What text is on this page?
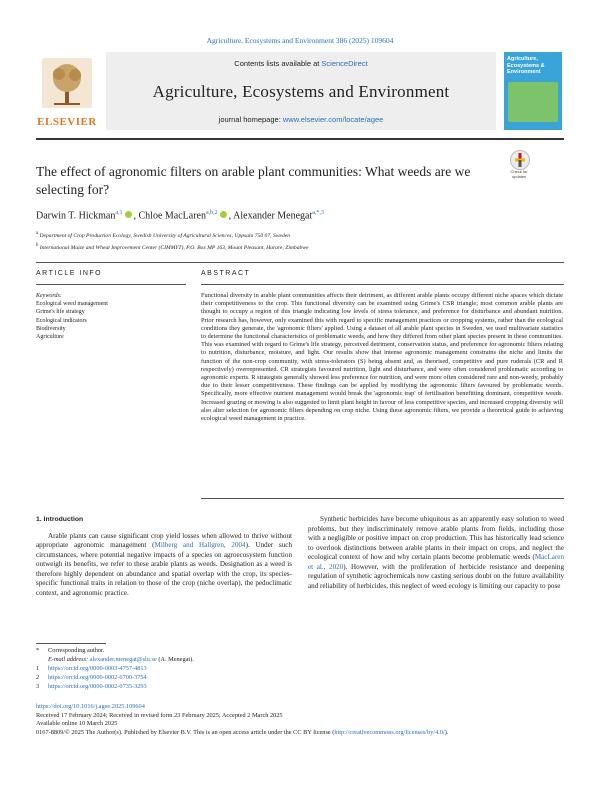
Agriculture, Ecosystems and Environment 386 (2025) 109604
ELSEVIER
Contents lists available at ScienceDirect
Agriculture, Ecosystems and Environment
journal homepage: www.elsevier.com/locate/agee
Agriculture, Ecosystems & Environment
The effect of agronomic filters on arable plant communities: What weeds are we selecting for?
Check for updates
Darwin T. Hickman$^{a,1}$ , Chloe MacLaren$^{a,b,2}$ , Alexander Menegat$^{a,*,3}$
$^a$ Department of Crop Production Ecology, Swedish University of Agricultural Sciences, Uppsala 750 07, Sweden
$^b$ International Maize and Wheat Improvement Center (CIMMYT), P.O. Box MP 163, Mount Pleasant, Harare, Zimbabwe
ARTICLE INFO	ABSTRACT
Keywords:
Ecological weed management
Grime's life strategy
Ecological indicators
Biodiversity
Agriculture
Functional diversity in arable plant communities affects their detriment, as different arable plants occupy different niche spaces which dictate their competitiveness to the crop. This functional diversity can be examined using Grime's CSR triangle; most common arable plants are thought to occupy a region of this triangle indicating low levels of stress tolerance, and preference for disturbance and abundant nutrition. Prior research has, however, only examined this with regard to specific management practices or cropping systems, rather than the ecological conditions they generate, the 'agronomic filters' applied. Using a dataset of all arable plant species in Sweden, we used multivariate statistics to determine the functional characteristics of problematic weeds, and how they differed from other plant species present in these communities. This was examined with regard to Grime's life strategy, perceived detriment, conservation status, and preference for agronomic filters relating to nutrition, disturbance, moisture, and light. Our results show that intense agronomic management constrains the niche and limits the function of the non-crop community, with stress-tolerators (S) being absent and, as theorised, competitive and pure ruderals (CR and R respectively) overrepresented. CR strategists favoured nutrition, light and disturbance, and were often considered problematic according to agronomic experts. R strategists generally showed less preference for nutrition, and were more often considered rare and non-weedy, probably due to their lesser competitiveness. These findings can be applied by modifying the agronomic filters favoured by problematic weeds. Specifically, more effective nutrient management would break the 'agronomic trap' of fertilisation benefitting dominant, competitive weeds. Increased grazing or mowing is also suggested to limit plant height in favour of less competitive species, and increased cropping diversity will also alter selection for agronomic filters depending on crop niche. Using these agronomic filters, we provide a theoretical guide to achieving ecological weed management in practice.
1. Introduction

Arable plants can cause significant crop yield losses when allowed to thrive without appropriate agronomic management (Milberg and Hallgren, 2004). Under such circumstances, where potential negative impacts of a species on agroecosystem function outweigh its benefits, we refer to these arable plants as weeds. Designation as a weed is therefore highly dependent on abundance and spatial overlap with the crop, its species-specific functional traits in relation to those of the crop (niche overlap), the pedoclimatic context, and agronomic practice.

Synthetic herbicides have become ubiquitous as an apparently easy solution to weed problems, but they indiscriminately remove arable plants from fields, including those with a negligible or positive impact on crop production. This has historically lead science to overlook distinctions between arable plants in their impact on crops, and neglect the ecological context of how and why certain plants become problematic weeds (MacLaren et al., 2020). However, with the proliferation of herbicide resistance and deepening regulation of synthetic agrochemicals now casting serious doubt on the future availability and reliability of herbicides, this neglect of weed ecology is limiting our capacity to pose

* Corresponding author.
E-mail address: alexander.menegat@slu.se (A. Menegat).
1 https://orcid.org/0000-0003-4757-4813
2 https://orcid.org/0000-0002-6700-3754
3 https://orcid.org/0000-0002-0735-3293
https://doi.org/10.1016/j.agee.2025.109604
Received 17 February 2024; Received in revised form 23 February 2025; Accepted 2 March 2025
Available online 10 March 2025
0167-8809/© 2025 The Author(s). Published by Elsevier B.V. This is an open access article under the CC BY license (http://creativecommons.org/licenses/by/4.0/).
